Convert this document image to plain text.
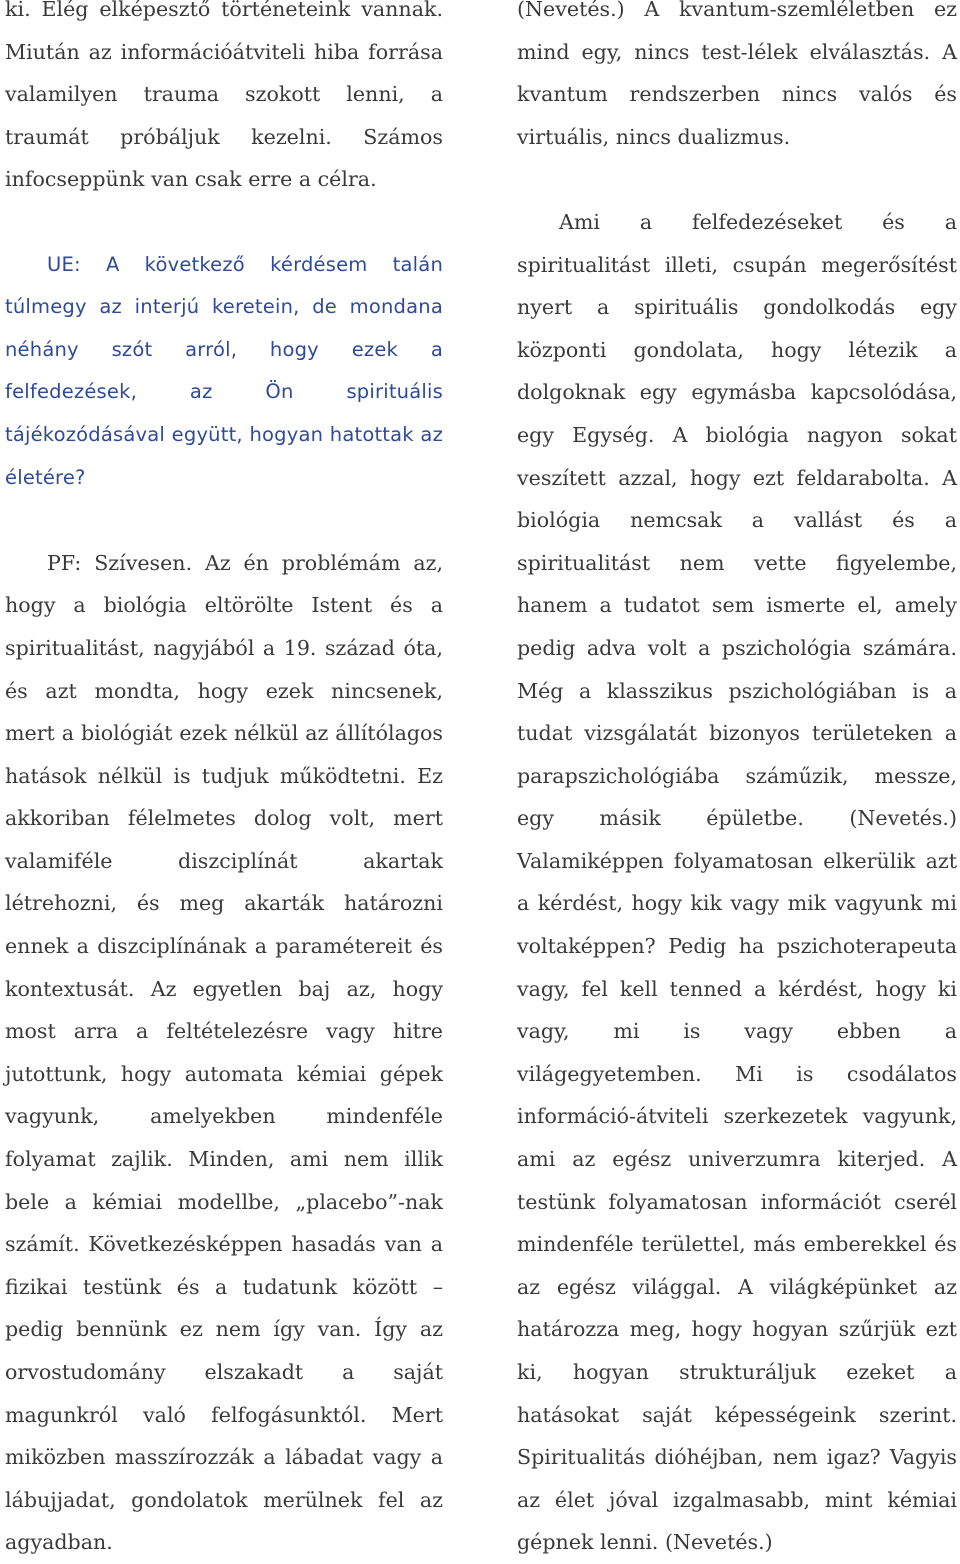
ki. Elég elképesztő történeteink vannak. Miután az információátviteli hiba forrása valamilyen trauma szokott lenni, a traumát próbáljuk kezelni. Számos infocseppünk van csak erre a célra.

UE: A következő kérdésem talán túlmegy az interjú keretein, de mondana néhány szót arról, hogy ezek a felfedezések, az Ön spirituális tájékozódásával együtt, hogyan hatottak az életére?

PF: Szívesen. Az én problémám az, hogy a biológia eltörölte Istent és a spiritualitást, nagyjából a 19. század óta, és azt mondta, hogy ezek nincsenek, mert a biológiát ezek nélkül az állítólagos hatások nélkül is tudjuk működtetni. Ez akkoriban félelmetes dolog volt, mert valamiféle diszciplínát akartak létrehozni, és meg akarták határozni ennek a diszciplínának a paramétereit és kontextusát. Az egyetlen baj az, hogy most arra a feltételezésre vagy hitre jutottunk, hogy automata kémiai gépek vagyunk, amelyekben mindenféle folyamat zajlik. Minden, ami nem illik bele a kémiai modellbe, „placebo”-nak számít. Következésképpen hasadás van a fizikai testünk és a tudatunk között – pedig bennünk ez nem így van. Így az orvostudomány elszakadt a saját magunkról való felfogásunktól. Mert miközben masszírozzák a lábadat vagy a lábujjadat, gondolatok merülnek fel az agyadban.

(Nevetés.) A kvantum-szemléletben ez mind egy, nincs test-lélek elválasztás. A kvantum rendszerben nincs valós és virtuális, nincs dualizmus.

Ami a felfedezéseket és a spiritualitást illeti, csupán megerősítést nyert a spirituális gondolkodás egy központi gondolata, hogy létezik a dolgoknak egy egymásba kapcsolódása, egy Egység. A biológia nagyon sokat veszített azzal, hogy ezt feldarabolta. A biológia nemcsak a vallást és a spiritualitást nem vette figyelembe, hanem a tudatot sem ismerte el, amely pedig adva volt a pszichológia számára. Még a klasszikus pszichológiában is a tudat vizsgálatát bizonyos területeken a parapszichológiába száműzik, messze, egy másik épületbe. (Nevetés.) Valamiképpen folyamatosan elkerülik azt a kérdést, hogy kik vagy mik vagyunk mi voltaképpen? Pedig ha pszichoterapeuta vagy, fel kell tenned a kérdést, hogy ki vagy, mi is vagy ebben a világegyetemben. Mi is csodálatos információ-átviteli szerkezetek vagyunk, ami az egész univerzumra kiterjed. A testünk folyamatosan információt cserél mindenféle területtel, más emberekkel és az egész világgal. A világképünket az határozza meg, hogy hogyan szűrjük ezt ki, hogyan strukturáljuk ezeket a hatásokat saját képességeink szerint. Spiritualitás dióhéjban, nem igaz? Vagyis az élet jóval izgalmasabb, mint kémiai gépnek lenni. (Nevetés.)
